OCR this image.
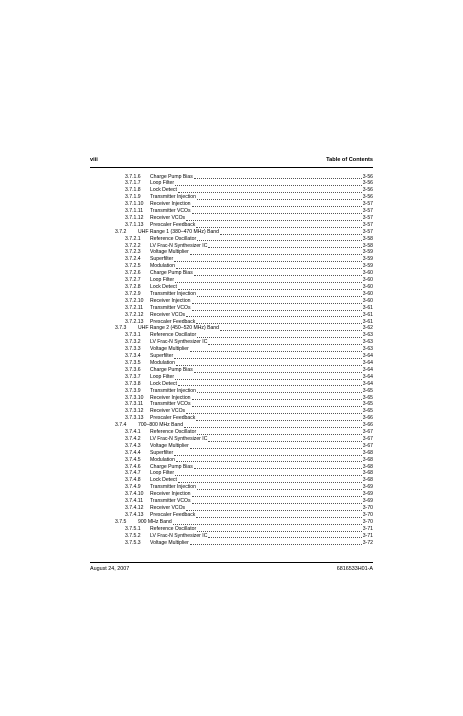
viii	Table of Contents
3.7.1.6 Charge Pump Bias	3-56
3.7.1.7 Loop Filter	3-56
3.7.1.8 Lock Detect	3-56
3.7.1.9 Transmitter Injection	3-56
3.7.1.10 Receiver Injection	3-57
3.7.1.11 Transmitter VCOs	3-57
3.7.1.12 Receiver VCOs	3-57
3.7.1.13 Prescaler Feedback	3-57
3.7.2 UHF Range 1 (380–470 MHz) Band	3-57
3.7.2.1 Reference Oscillator	3-58
3.7.2.2 LV Frac-N Synthesizer IC	3-58
3.7.2.3 Voltage Multiplier	3-59
3.7.2.4 Superfilter	3-59
3.7.2.5 Modulation	3-59
3.7.2.6 Charge Pump Bias	3-60
3.7.2.7 Loop Filter	3-60
3.7.2.8 Lock Detect	3-60
3.7.2.9 Transmitter Injection	3-60
3.7.2.10 Receiver Injection	3-60
3.7.2.11 Transmitter VCOs	3-61
3.7.2.12 Receiver VCOs	3-61
3.7.2.13 Prescaler Feedback	3-61
3.7.3 UHF Range 2 (450–520 MHz) Band	3-62
3.7.3.1 Reference Oscillator	3-63
3.7.3.2 LV Frac-N Synthesizer IC	3-63
3.7.3.3 Voltage Multiplier	3-63
3.7.3.4 Superfilter	3-64
3.7.3.5 Modulation	3-64
3.7.3.6 Charge Pump Bias	3-64
3.7.3.7 Loop Filter	3-64
3.7.3.8 Lock Detect	3-64
3.7.3.9 Transmitter Injection	3-65
3.7.3.10 Receiver Injection	3-65
3.7.3.11 Transmitter VCOs	3-65
3.7.3.12 Receiver VCOs	3-65
3.7.3.13 Prescaler Feedback	3-66
3.7.4 700–800 MHz Band	3-66
3.7.4.1 Reference Oscillator	3-67
3.7.4.2 LV Frac-N Synthesizer IC	3-67
3.7.4.3 Voltage Multiplier	3-67
3.7.4.4 Superfilter	3-68
3.7.4.5 Modulation	3-68
3.7.4.6 Charge Pump Bias	3-68
3.7.4.7 Loop Filter	3-68
3.7.4.8 Lock Detect	3-68
3.7.4.9 Transmitter Injection	3-69
3.7.4.10 Receiver Injection	3-69
3.7.4.11 Transmitter VCOs	3-69
3.7.4.12 Receiver VCOs	3-70
3.7.4.13 Prescaler Feedback	3-70
3.7.5 900 MHz Band	3-70
3.7.5.1 Reference Oscillator	3-71
3.7.5.2 LV Frac-N Synthesizer IC	3-71
3.7.5.3 Voltage Multiplier	3-72
August 24, 2007	6816533H01-A
